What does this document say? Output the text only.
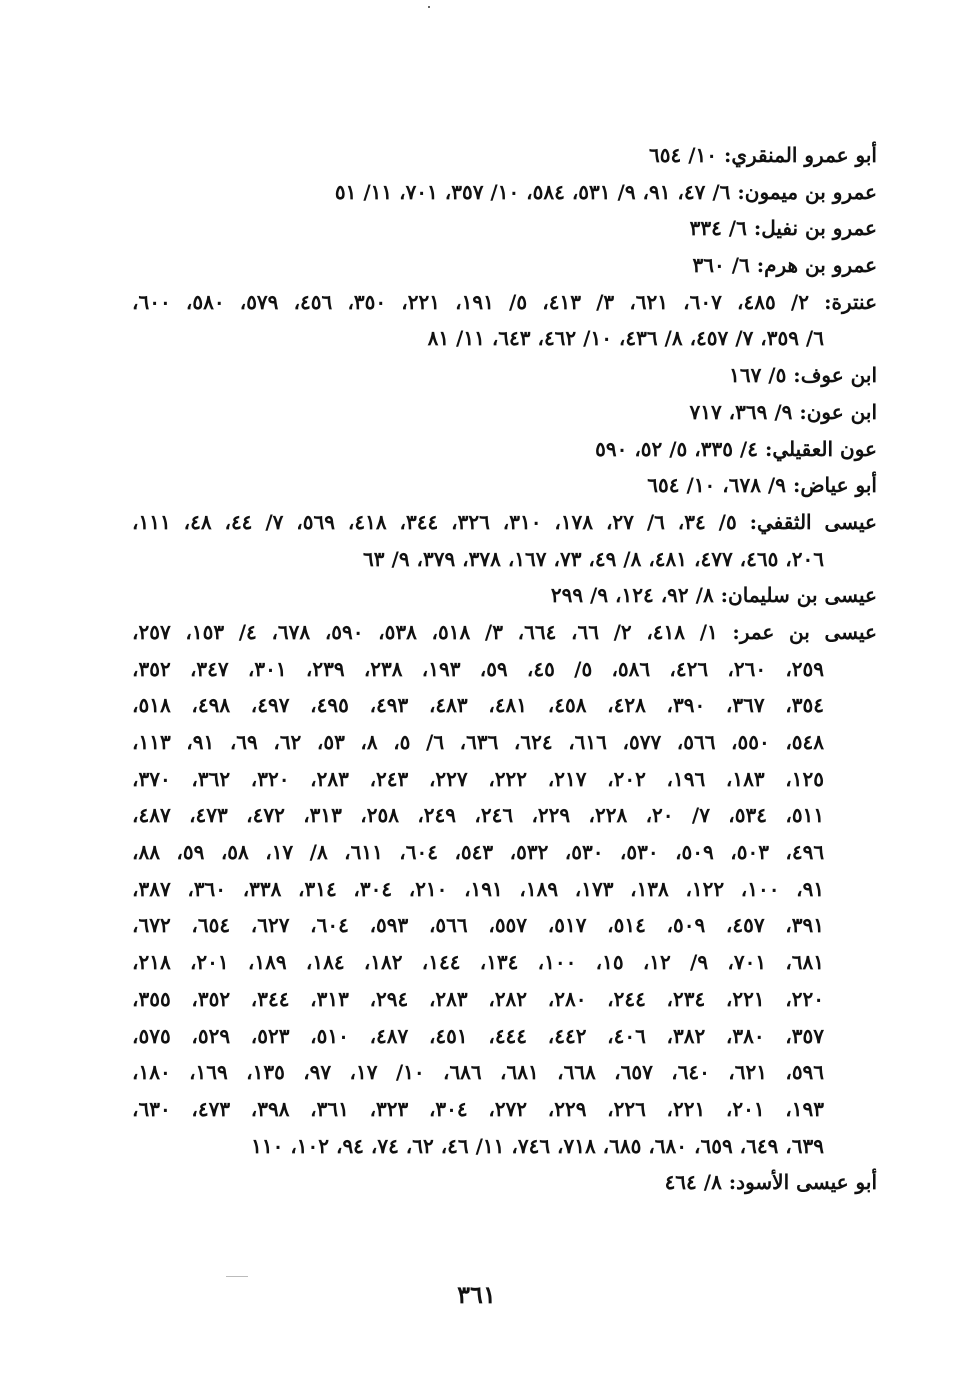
أبو عمرو المنقري: ١٠/ ٦٥٤
عمرو بن ميمون: ٦/ ٤٧، ٩١، ٩/ ٥٣١، ٥٨٤، ١٠/ ٣٥٧، ٧٠١، ١١/ ٥١
عمرو بن نفيل: ٦/ ٣٣٤
عمرو بن هرم: ٦/ ٣٦٠
عنترة: ٢/ ٤٨٥، ٦٠٧، ٦٢١، ٣/ ٤١٣، ٥/ ١٩١، ٢٢١، ٣٥٠، ٤٥٦، ٥٧٩، ٥٨٠، ٦٠٠،
٦/ ٣٥٩، ٧/ ٤٥٧، ٨/ ٤٣٦، ١٠/ ٤٦٢، ٦٤٣، ١١/ ٨١
ابن عوف: ٥/ ١٦٧
ابن عون: ٩/ ٣٦٩، ٧١٧
عون العقيلي: ٤/ ٣٣٥، ٥/ ٥٢، ٥٩٠
أبو عياض: ٩/ ٦٧٨، ١٠/ ٦٥٤
عيسى الثقفي: ٥/ ٣٤، ٦/ ٢٧، ١٧٨، ٣١٠، ٣٢٦، ٣٤٤، ٤١٨، ٥٦٩، ٧/ ٤٤، ٤٨، ١١١،
٢٠٦، ٤٦٥، ٤٧٧، ٤٨١، ٨/ ٤٩، ٧٣، ١٦٧، ٣٧٨، ٣٧٩، ٩/ ٦٣
عيسى بن سليمان: ٨/ ٩٢، ١٢٤، ٩/ ٢٩٩
عيسى بن عمر: ١/ ٤١٨، ٢/ ٦٦، ٦٦٤، ٣/ ٥١٨، ٥٣٨، ٥٩٠، ٦٧٨، ٤/ ١٥٣، ٢٥٧،
٢٥٩، ٢٦٠، ٤٢٦، ٥٨٦، ٥/ ٤٥، ٥٩، ١٩٣، ٢٣٨، ٢٣٩، ٣٠١، ٣٤٧، ٣٥٢،
٣٥٤، ٣٦٧، ٣٩٠، ٤٢٨، ٤٥٨، ٤٨١، ٤٨٣، ٤٩٣، ٤٩٥، ٤٩٧، ٤٩٨، ٥١٨،
٥٤٨، ٥٥٠، ٥٦٦، ٥٧٧، ٦١٦، ٦٢٤، ٦٣٦، ٦/ ٥، ٨، ٥٣، ٦٢، ٦٩، ٩١، ١١٣،
١٢٥، ١٨٣، ١٩٦، ٢٠٢، ٢١٧، ٢٢٢، ٢٢٧، ٢٤٣، ٢٨٣، ٣٢٠، ٣٦٢، ٣٧٠،
٥١١، ٥٣٤، ٧/ ٢٠، ٢٢٨، ٢٢٩، ٢٤٦، ٢٤٩، ٢٥٨، ٣١٣، ٤٧٢، ٤٧٣، ٤٨٧،
٤٩٦، ٥٠٣، ٥٠٩، ٥٣٠، ٥٣٠، ٥٣٢، ٥٤٣، ٦٠٤، ٦١١، ٨/ ١٧، ٥٨، ٥٩، ٨٨،
٩١، ١٠٠، ١٢٢، ١٣٨، ١٧٣، ١٨٩، ١٩١، ٢١٠، ٣٠٤، ٣١٤، ٣٣٨، ٣٦٠، ٣٨٧،
٣٩١، ٤٥٧، ٥٠٩، ٥١٤، ٥١٧، ٥٥٧، ٥٦٦، ٥٩٣، ٦٠٤، ٦٢٧، ٦٥٤، ٦٧٢،
٦٨١، ٧٠١، ٩/ ١٢، ١٥، ١٠٠، ١٣٤، ١٤٤، ١٨٢، ١٨٤، ١٨٩، ٢٠١، ٢١٨،
٢٢٠، ٢٢١، ٢٣٤، ٢٤٤، ٢٨٠، ٢٨٢، ٢٨٣، ٢٩٤، ٣١٣، ٣٤٤، ٣٥٢، ٣٥٥،
٣٥٧، ٣٨٠، ٣٨٢، ٤٠٦، ٤٤٢، ٤٤٤، ٤٥١، ٤٨٧، ٥١٠، ٥٢٣، ٥٢٩، ٥٧٥،
٥٩٦، ٦٢١، ٦٤٠، ٦٥٧، ٦٦٨، ٦٨١، ٦٨٦، ١٠/ ١٧، ٩٧، ١٣٥، ١٦٩، ١٨٠،
١٩٣، ٢٠١، ٢٢١، ٢٢٦، ٢٢٩، ٢٧٢، ٣٠٤، ٣٢٣، ٣٦١، ٣٩٨، ٤٧٣، ٦٣٠،
٦٣٩، ٦٤٩، ٦٥٩، ٦٨٠، ٦٨٥، ٧١٨، ٧٤٦، ١١/ ٤٦، ٦٢، ٧٤، ٩٤، ١٠٢، ١١٠
أبو عيسى الأسود: ٨/ ٤٦٤
٣٦١
